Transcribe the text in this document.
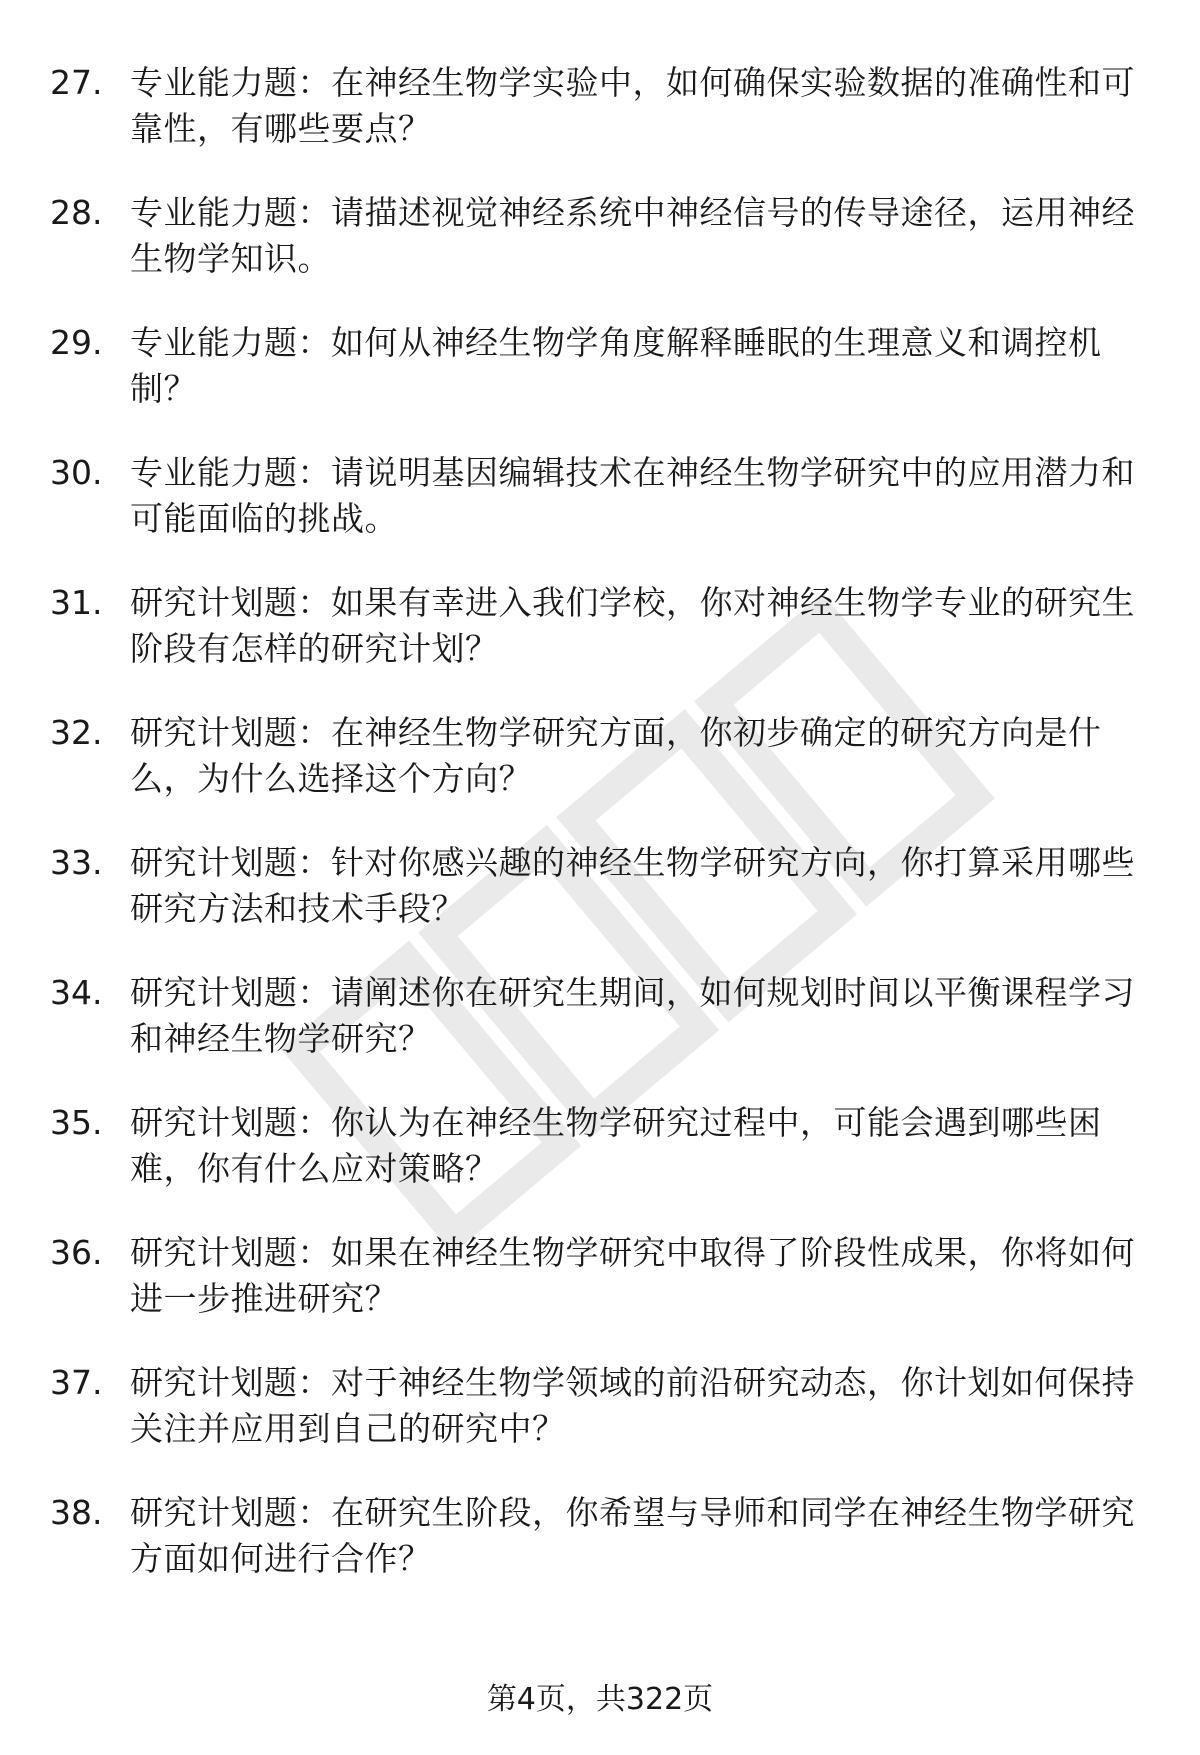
27. 专业能力题：在神经生物学实验中，如何确保实验数据的准确性和可靠性，有哪些要点？
28. 专业能力题：请描述视觉神经系统中神经信号的传导途径，运用神经生物学知识。
29. 专业能力题：如何从神经生物学角度解释睡眠的生理意义和调控机制？
30. 专业能力题：请说明基因编辑技术在神经生物学研究中的应用潜力和可能面临的挑战。
31. 研究计划题：如果有幸进入我们学校，你对神经生物学专业的研究生阶段有怎样的研究计划？
32. 研究计划题：在神经生物学研究方面，你初步确定的研究方向是什么，为什么选择这个方向？
33. 研究计划题：针对你感兴趣的神经生物学研究方向，你打算采用哪些研究方法和技术手段？
34. 研究计划题：请阐述你在研究生期间，如何规划时间以平衡课程学习和神经生物学研究？
35. 研究计划题：你认为在神经生物学研究过程中，可能会遇到哪些困难，你有什么应对策略？
36. 研究计划题：如果在神经生物学研究中取得了阶段性成果，你将如何进一步推进研究？
37. 研究计划题：对于神经生物学领域的前沿研究动态，你计划如何保持关注并应用到自己的研究中？
38. 研究计划题：在研究生阶段，你希望与导师和同学在神经生物学研究方面如何进行合作？
第4页，共322页
